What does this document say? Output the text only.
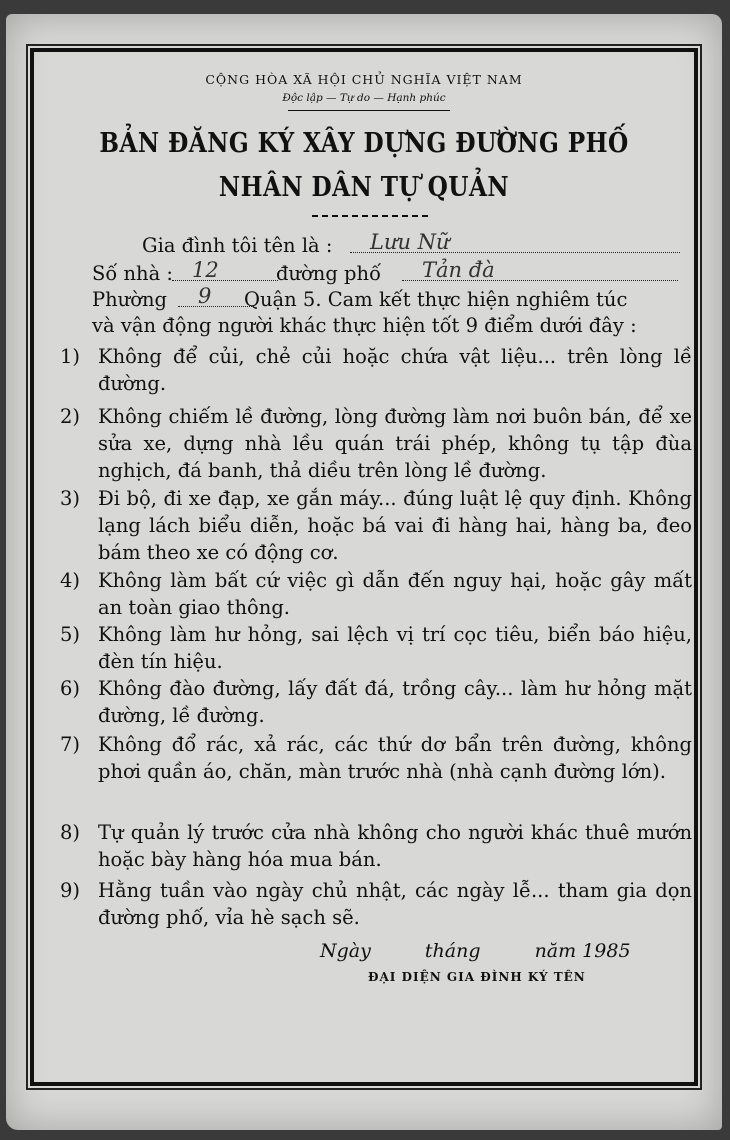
CỘNG HÒA XÃ HỘI CHỦ NGHĨA VIỆT NAM
Độc lập — Tự do — Hạnh phúc
BẢN ĐĂNG KÝ XÂY DỰNG ĐƯỜNG PHỐ
NHÂN DÂN TỰ QUẢN
Gia đình tôi tên là :	Lưu Nữ
Số nhà : 12	đường phố	Tản đà
Phường	9	Quận 5. Cam kết thực hiện nghiêm túc
và vận động người khác thực hiện tốt 9 điểm dưới đây :
1) Không để củi, chẻ củi hoặc chứa vật liệu... trên lòng lề đường.
2) Không chiếm lề đường, lòng đường làm nơi buôn bán, để xe sửa xe, dựng nhà lều quán trái phép, không tụ tập đùa nghịch, đá banh, thả diều trên lòng lề đường.
3) Đi bộ, đi xe đạp, xe gắn máy... đúng luật lệ quy định. Không lạng lách biểu diễn, hoặc bá vai đi hàng hai, hàng ba, đeo bám theo xe có động cơ.
4) Không làm bất cứ việc gì dẫn đến nguy hại, hoặc gây mất an toàn giao thông.
5) Không làm hư hỏng, sai lệch vị trí cọc tiêu, biển báo hiệu, đèn tín hiệu.
6) Không đào đường, lấy đất đá, trồng cây... làm hư hỏng mặt đường, lề đường.
7) Không đổ rác, xả rác, các thứ dơ bẩn trên đường, không phơi quần áo, chăn, màn trước nhà (nhà cạnh đường lớn).
8) Tự quản lý trước cửa nhà không cho người khác thuê mướn hoặc bày hàng hóa mua bán.
9) Hằng tuần vào ngày chủ nhật, các ngày lễ... tham gia dọn đường phố, vỉa hè sạch sẽ.
Ngày	tháng	năm 1985
ĐẠI DIỆN GIA ĐÌNH KÝ TÊN
